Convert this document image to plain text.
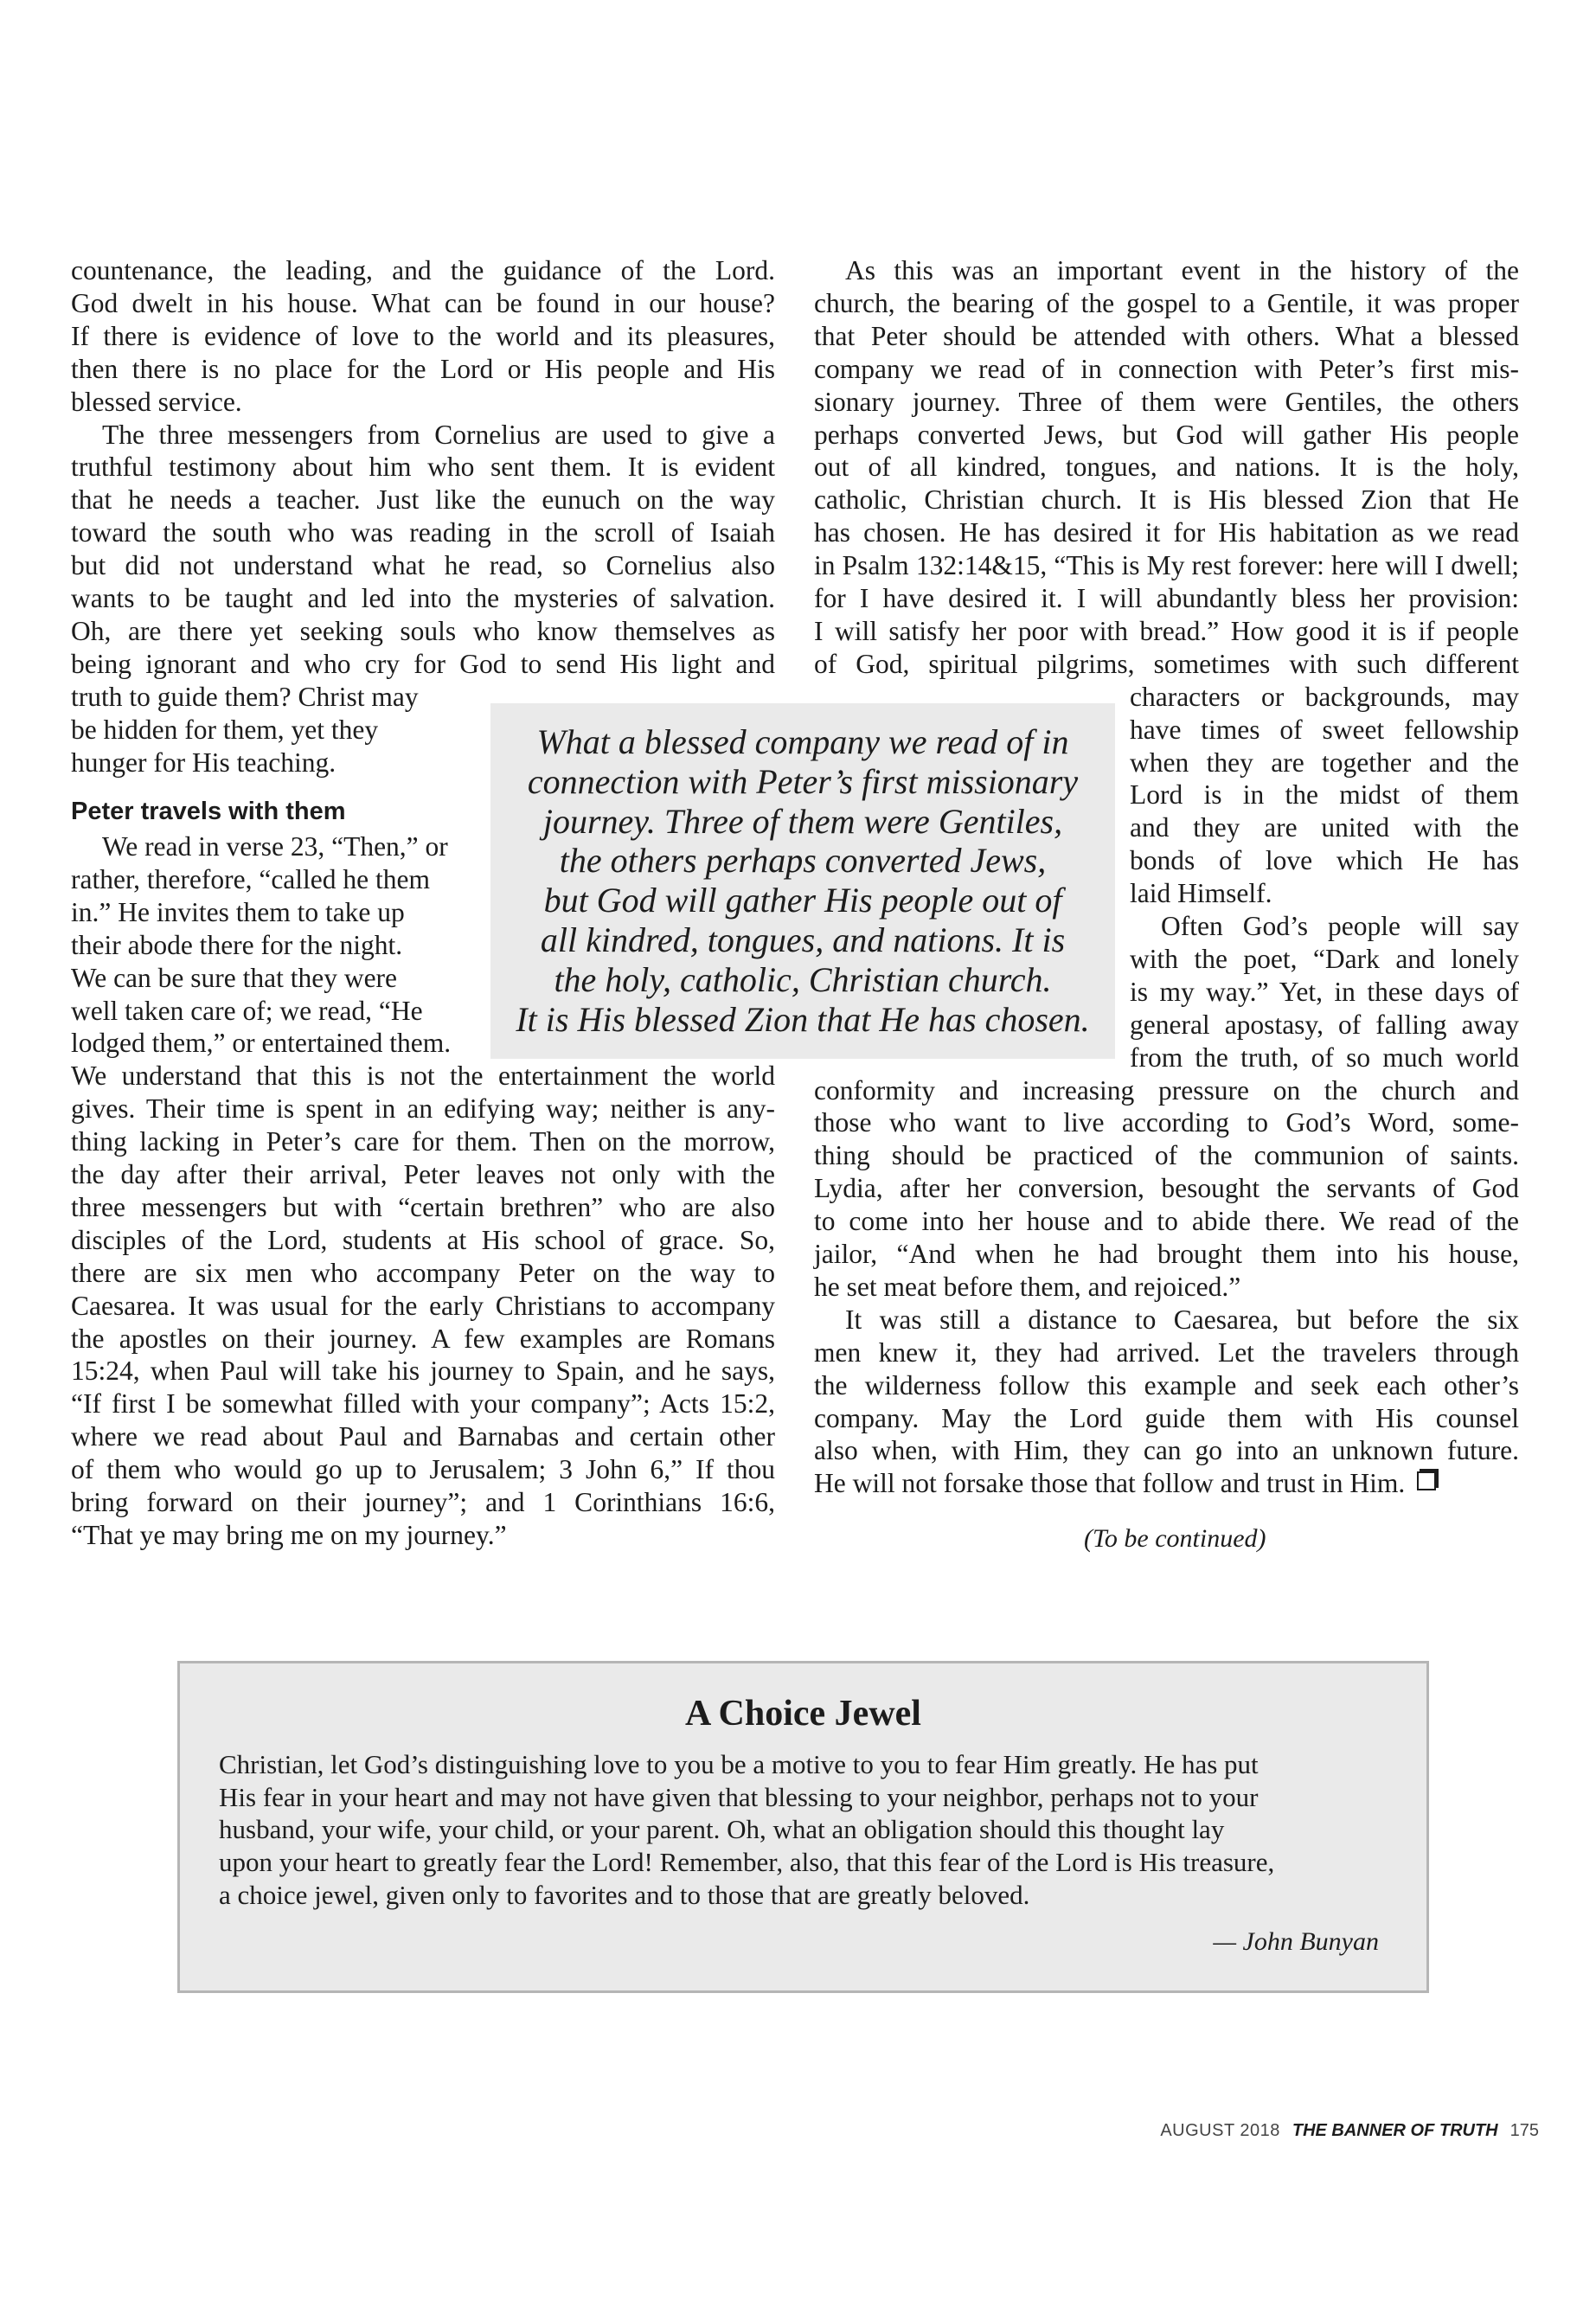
countenance, the leading, and the guidance of the Lord.
God dwelt in his house. What can be found in our house?
If there is evidence of love to the world and its pleasures,
then there is no place for the Lord or His people and His
blessed service.
The three messengers from Cornelius are used to give a
truthful testimony about him who sent them. It is evident
that he needs a teacher. Just like the eunuch on the way
toward the south who was reading in the scroll of Isaiah
but did not understand what he read, so Cornelius also
wants to be taught and led into the mysteries of salvation.
Oh, are there yet seeking souls who know themselves as
being ignorant and who cry for God to send His light and
truth to guide them? Christ may
be hidden for them, yet they
hunger for His teaching.
We read in verse 23, “Then,” or
rather, therefore, “called he them
in.” He invites them to take up
their abode there for the night.
We can be sure that they were
well taken care of; we read, “He
lodged them,” or entertained them.
We understand that this is not the entertainment the world
gives. Their time is spent in an edifying way; neither is any-
thing lacking in Peter’s care for them. Then on the morrow,
the day after their arrival, Peter leaves not only with the
three messengers but with “certain brethren” who are also
disciples of the Lord, students at His school of grace. So,
there are six men who accompany Peter on the way to
Caesarea. It was usual for the early Christians to accompany
the apostles on their journey. A few examples are Romans
15:24, when Paul will take his journey to Spain, and he says,
“If first I be somewhat filled with your company”; Acts 15:2,
where we read about Paul and Barnabas and certain other
of them who would go up to Jerusalem; 3 John 6,” If thou
bring forward on their journey”; and 1 Corinthians 16:6,
“That ye may bring me on my journey.”
Peter travels with them
As this was an important event in the history of the
church, the bearing of the gospel to a Gentile, it was proper
that Peter should be attended with others. What a blessed
company we read of in connection with Peter’s first mis-
sionary journey. Three of them were Gentiles, the others
perhaps converted Jews, but God will gather His people
out of all kindred, tongues, and nations. It is the holy,
catholic, Christian church. It is His blessed Zion that He
has chosen. He has desired it for His habitation as we read
in Psalm 132:14&15, “This is My rest forever: here will I dwell;
for I have desired it. I will abundantly bless her provision:
I will satisfy her poor with bread.” How good it is if people
of God, spiritual pilgrims, sometimes with such different
characters or backgrounds, may
have times of sweet fellowship
when they are together and the
Lord is in the midst of them
and they are united with the
bonds of love which He has
laid Himself.
Often God’s people will say
with the poet, “Dark and lonely
is my way.” Yet, in these days of
general apostasy, of falling away
from the truth, of so much world
conformity and increasing pressure on the church and
those who want to live according to God’s Word, some-
thing should be practiced of the communion of saints.
Lydia, after her conversion, besought the servants of God
to come into her house and to abide there. We read of the
jailor, “And when he had brought them into his house,
he set meat before them, and rejoiced.”
It was still a distance to Caesarea, but before the six
men knew it, they had arrived. Let the travelers through
the wilderness follow this example and seek each other’s
company. May the Lord guide them with His counsel
also when, with Him, they can go into an unknown future.
He will not forsake those that follow and trust in Him.
What a blessed company we read of in
connection with Peter’s first missionary
journey. Three of them were Gentiles,
the others perhaps converted Jews,
but God will gather His people out of
all kindred, tongues, and nations. It is
the holy, catholic, Christian church.
It is His blessed Zion that He has chosen.
(To be continued)
A Choice Jewel
— John Bunyan
Christian, let God’s distinguishing love to you be a motive to you to fear Him greatly. He has put
His fear in your heart and may not have given that blessing to your neighbor, perhaps not to your
husband, your wife, your child, or your parent. Oh, what an obligation should this thought lay
upon your heart to greatly fear the Lord! Remember, also, that this fear of the Lord is His treasure,
a choice jewel, given only to favorites and to those that are greatly beloved.
AUGUST 2018 THE BANNER OF TRUTH 175
